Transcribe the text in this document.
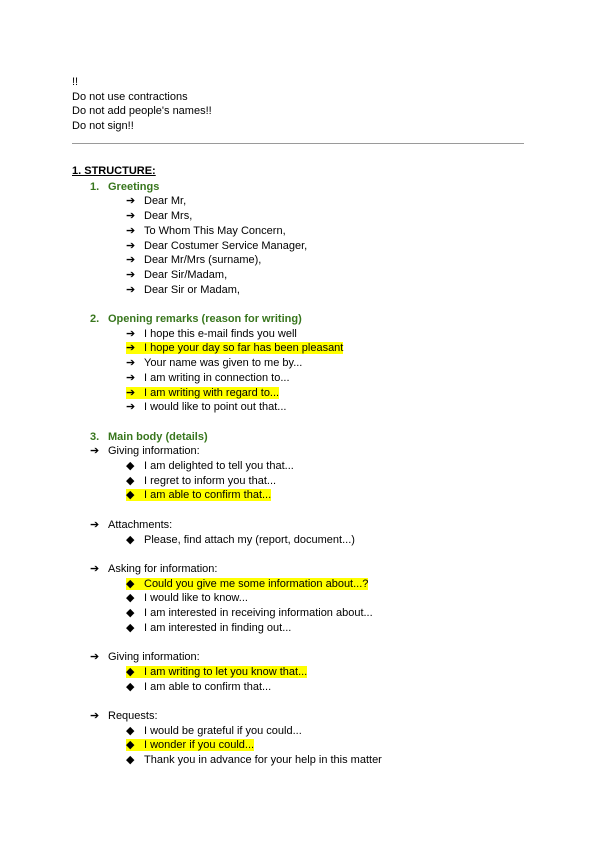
!!
Do not use contractions
Do not add people's names!!
Do not sign!!
1. STRUCTURE:
1. Greetings
➔ Dear Mr,
➔ Dear Mrs,
➔ To Whom This May Concern,
➔ Dear Costumer Service Manager,
➔ Dear Mr/Mrs (surname),
➔ Dear Sir/Madam,
➔ Dear Sir or Madam,
2. Opening remarks (reason for writing)
➔ I hope this e-mail finds you well
➔ I hope your day so far has been pleasant
➔ Your name was given to me by...
➔ I am writing in connection to...
➔ I am writing with regard to...
➔ I would like to point out that...
3. Main body (details)
➔ Giving information:
◆ I am delighted to tell you that...
◆ I regret to inform you that...
◆ I am able to confirm that...
➔ Attachments:
◆ Please, find attach my (report, document...)
➔ Asking for information:
◆ Could you give me some information about...?
◆ I would like to know...
◆ I am interested in receiving information about...
◆ I am interested in finding out...
➔ Giving information:
◆ I am writing to let you know that...
◆ I am able to confirm that...
➔ Requests:
◆ I would be grateful if you could...
◆ I wonder if you could...
◆ Thank you in advance for your help in this matter
